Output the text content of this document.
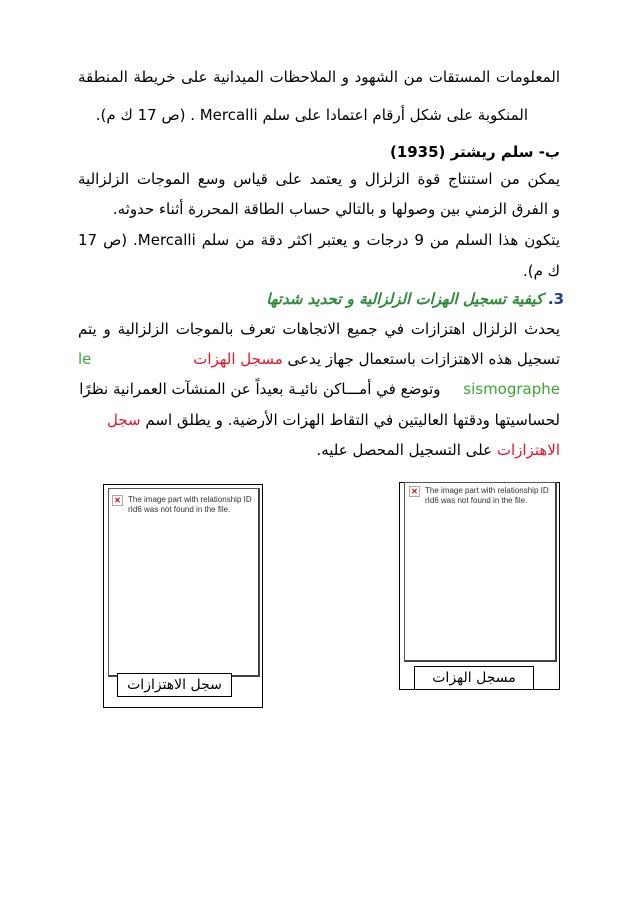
المعلومات المستقات من الشهود و الملاحظات الميدانية على خريطة المنطقة
المنكوبة على شكل أرقام اعتمادا على سلم Mercalli . (ص 17 ك م).
ب- سلم ريشتر (1935)
يمكن من استنتاج قوة الزلزال و يعتمد على قياس وسع الموجات الزلزالية
و الفرق الزمني بين وصولها و بالتالي حساب الطاقة المحررة أثناء حدوثه.
يتكون هذا السلم من 9 درجات و يعتبر اكثر دقة من سلم Mercalli. (ص 17
ك م).
3. كيفية تسجيل الهزات الزلزالية و تحديد شدتها
يحدث الزلزال اهتزازات في جميع الاتجاهات تعرف بالموجات الزلزالية و يتم
تسجيل هذه الاهتزازات باستعمال جهاز يدعى مسجل الهزات
le
sismographe وتوضع في أمـــاكن نائيـة بعيداً عن المنشآت العمرانية نظرًا
لحساسيتها ودقتها العاليتين في التقاط الهزات الأرضية. و يطلق اسم سجل
الاهتزازات على التسجيل المحصل عليه.
✕ The image part with relationship ID rId6 was not found in the file.
سجل الاهتزازات
✕ The image part with relationship ID rId6 was not found in the file.
مسجل الهزات
